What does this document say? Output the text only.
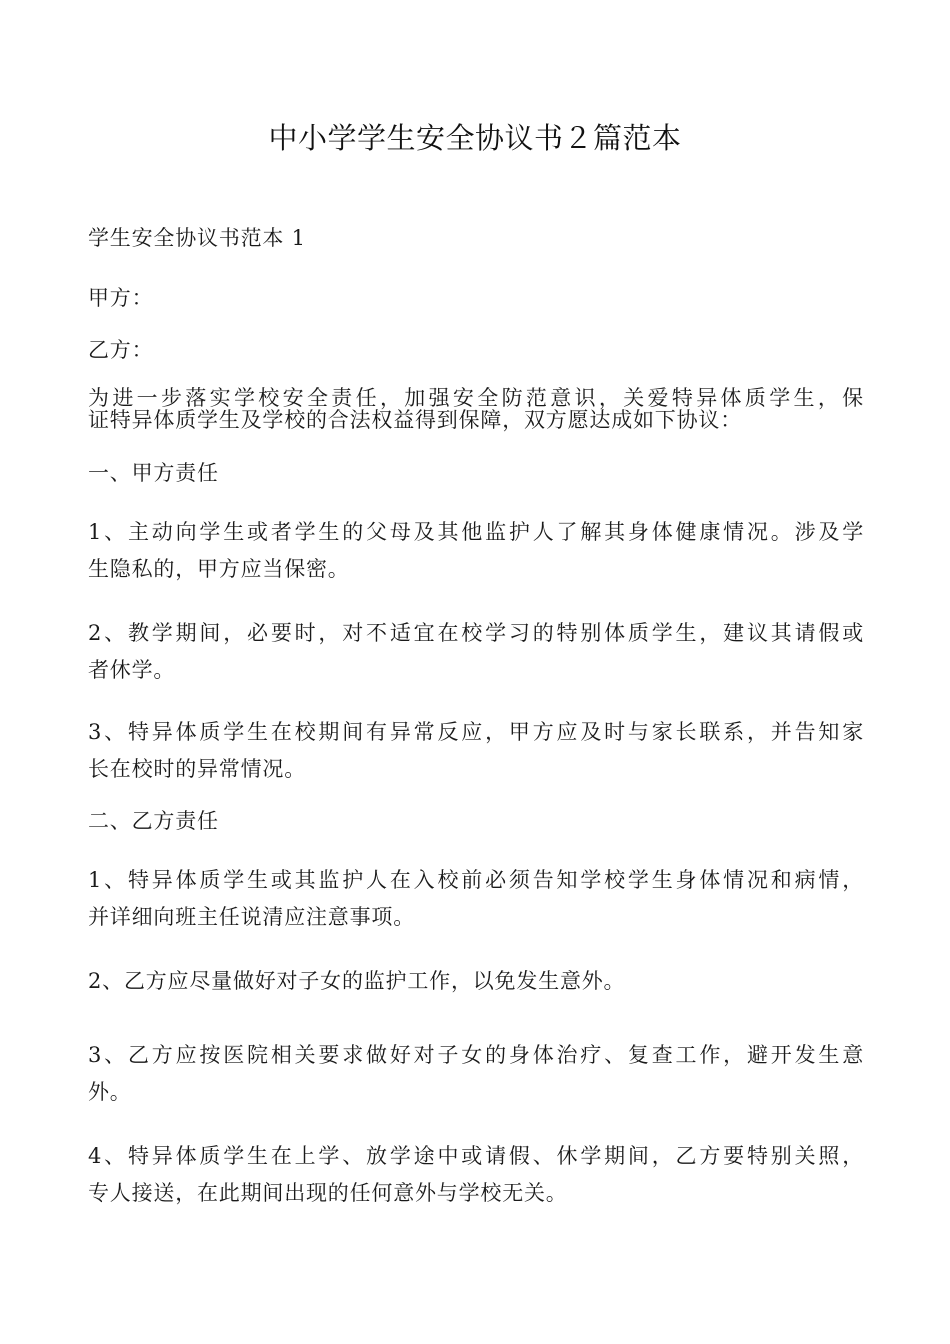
中小学学生安全协议书２篇范本
学生安全协议书范本 1
甲方：
乙方：
为进一步落实学校安全责任，加强安全防范意识，关爱特异体质学生，保
证特异体质学生及学校的合法权益得到保障，双方愿达成如下协议：
一、甲方责任
1、主动向学生或者学生的父母及其他监护人了解其身体健康情况。涉及学
生隐私的，甲方应当保密。
2、教学期间，必要时，对不适宜在校学习的特别体质学生，建议其请假或
者休学。
3、特异体质学生在校期间有异常反应，甲方应及时与家长联系，并告知家
长在校时的异常情况。
二、乙方责任
1、特异体质学生或其监护人在入校前必须告知学校学生身体情况和病情，
并详细向班主任说清应注意事项。
2、乙方应尽量做好对子女的监护工作，以免发生意外。
3、乙方应按医院相关要求做好对子女的身体治疗、复查工作，避开发生意
外。
4、特异体质学生在上学、放学途中或请假、休学期间，乙方要特别关照，
专人接送，在此期间出现的任何意外与学校无关。
